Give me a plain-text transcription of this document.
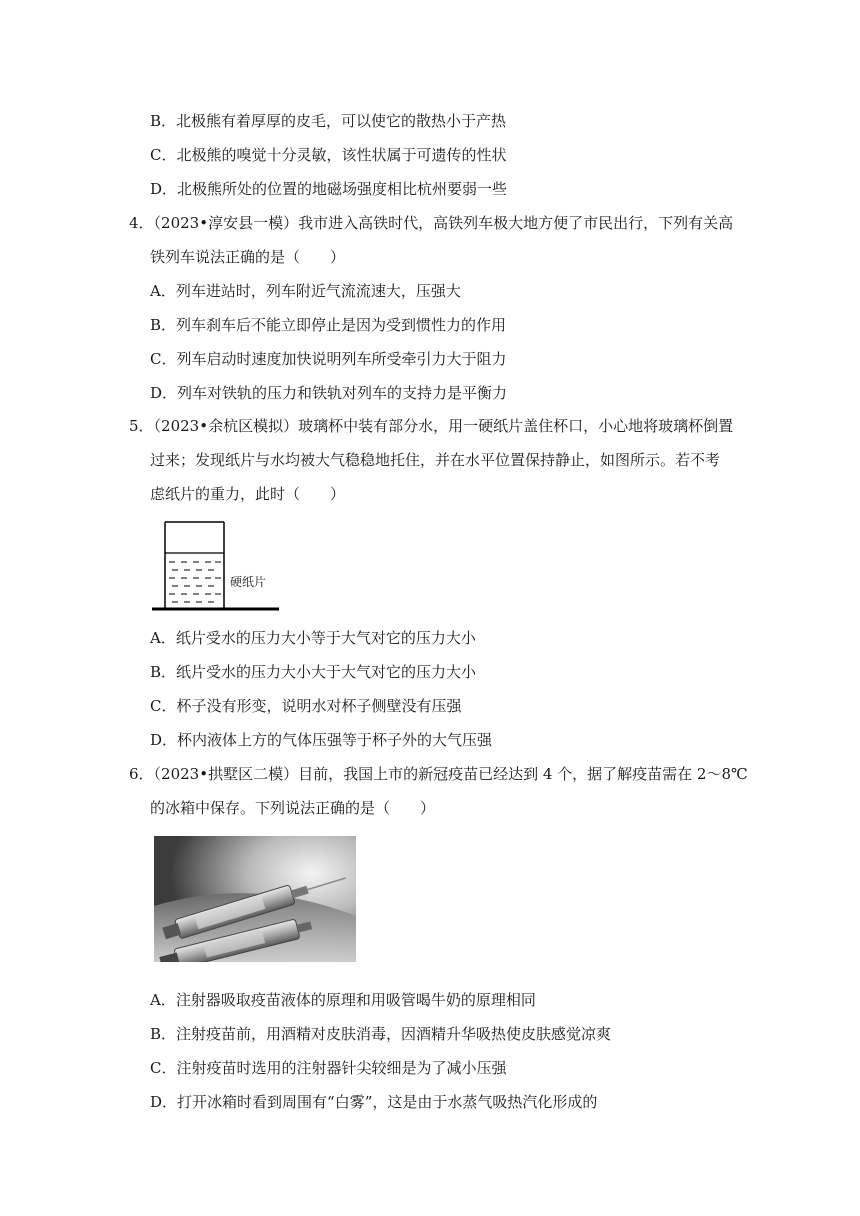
B．北极熊有着厚厚的皮毛，可以使它的散热小于产热
C．北极熊的嗅觉十分灵敏，该性状属于可遗传的性状
D．北极熊所处的位置的地磁场强度相比杭州要弱一些
4．（2023•淳安县一模）我市进入高铁时代，高铁列车极大地方便了市民出行，下列有关高
铁列车说法正确的是（　　）
A．列车进站时，列车附近气流流速大，压强大
B．列车刹车后不能立即停止是因为受到惯性力的作用
C．列车启动时速度加快说明列车所受牵引力大于阻力
D．列车对铁轨的压力和铁轨对列车的支持力是平衡力
5．（2023•余杭区模拟）玻璃杯中装有部分水，用一硬纸片盖住杯口，小心地将玻璃杯倒置
过来；发现纸片与水均被大气稳稳地托住，并在水平位置保持静止，如图所示。若不考
虑纸片的重力，此时（　　）
硬纸片
A．纸片受水的压力大小等于大气对它的压力大小
B．纸片受水的压力大小大于大气对它的压力大小
C．杯子没有形变，说明水对杯子侧壁没有压强
D．杯内液体上方的气体压强等于杯子外的大气压强
6．（2023•拱墅区二模）目前，我国上市的新冠疫苗已经达到 4 个，据了解疫苗需在 2～8℃
的冰箱中保存。下列说法正确的是（　　）
A．注射器吸取疫苗液体的原理和用吸管喝牛奶的原理相同
B．注射疫苗前，用酒精对皮肤消毒，因酒精升华吸热使皮肤感觉凉爽
C．注射疫苗时选用的注射器针尖较细是为了减小压强
D．打开冰箱时看到周围有“白雾”，这是由于水蒸气吸热汽化形成的
